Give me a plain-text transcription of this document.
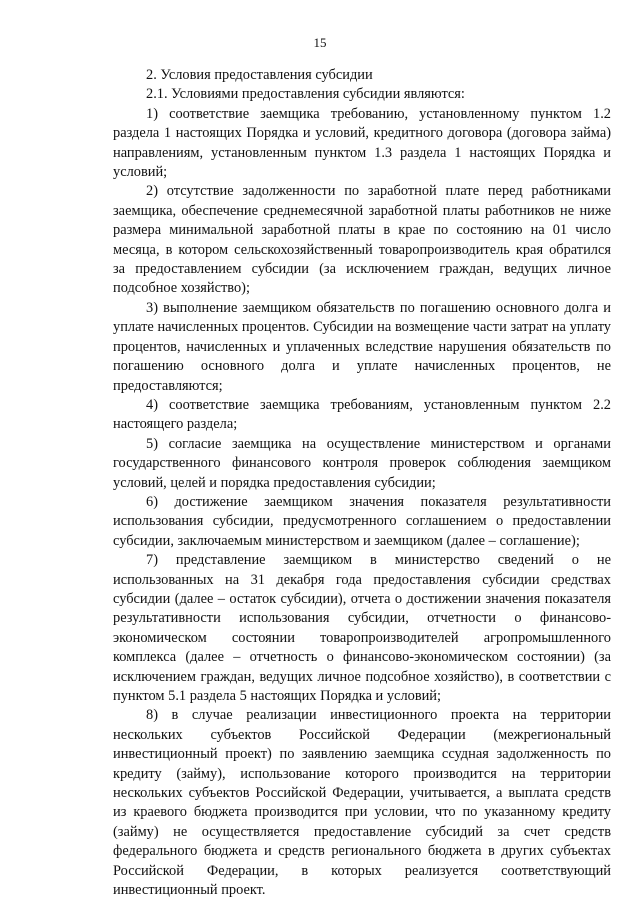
15

2. Условия предоставления субсидии

2.1. Условиями предоставления субсидии являются:

1) соответствие заемщика требованию, установленному пунктом 1.2 раздела 1 настоящих Порядка и условий, кредитного договора (договора займа) направлениям, установленным пунктом 1.3 раздела 1 настоящих Порядка и условий;

2) отсутствие задолженности по заработной плате перед работниками заемщика, обеспечение среднемесячной заработной платы работников не ниже размера минимальной заработной платы в крае по состоянию на 01 число месяца, в котором сельскохозяйственный товаропроизводитель края обратился за предоставлением субсидии (за исключением граждан, ведущих личное подсобное хозяйство);

3) выполнение заемщиком обязательств по погашению основного долга и уплате начисленных процентов. Субсидии на возмещение части затрат на уплату процентов, начисленных и уплаченных вследствие нарушения обязательств по погашению основного долга и уплате начисленных процентов, не предоставляются;

4) соответствие заемщика требованиям, установленным пунктом 2.2 настоящего раздела;

5) согласие заемщика на осуществление министерством и органами государственного финансового контроля проверок соблюдения заемщиком условий, целей и порядка предоставления субсидии;

6) достижение заемщиком значения показателя результативности использования субсидии, предусмотренного соглашением о предоставлении субсидии, заключаемым министерством и заемщиком (далее – соглашение);

7) представление заемщиком в министерство сведений о не использованных на 31 декабря года предоставления субсидии средствах субсидии (далее – остаток субсидии), отчета о достижении значения показателя результативности использования субсидии, отчетности о финансово-экономическом состоянии товаропроизводителей агропромышленного комплекса (далее – отчетность о финансово-экономическом состоянии) (за исключением граждан, ведущих личное подсобное хозяйство), в соответствии с пунктом 5.1 раздела 5 настоящих Порядка и условий;

8) в случае реализации инвестиционного проекта на территории нескольких субъектов Российской Федерации (межрегиональный инвестиционный проект) по заявлению заемщика ссудная задолженность по кредиту (займу), использование которого производится на территории нескольких субъектов Российской Федерации, учитывается, а выплата средств из краевого бюджета производится при условии, что по указанному кредиту (займу) не осуществляется предоставление субсидий за счет средств федерального бюджета и средств регионального бюджета в других субъектах Российской Федерации, в которых реализуется соответствующий инвестиционный проект.
